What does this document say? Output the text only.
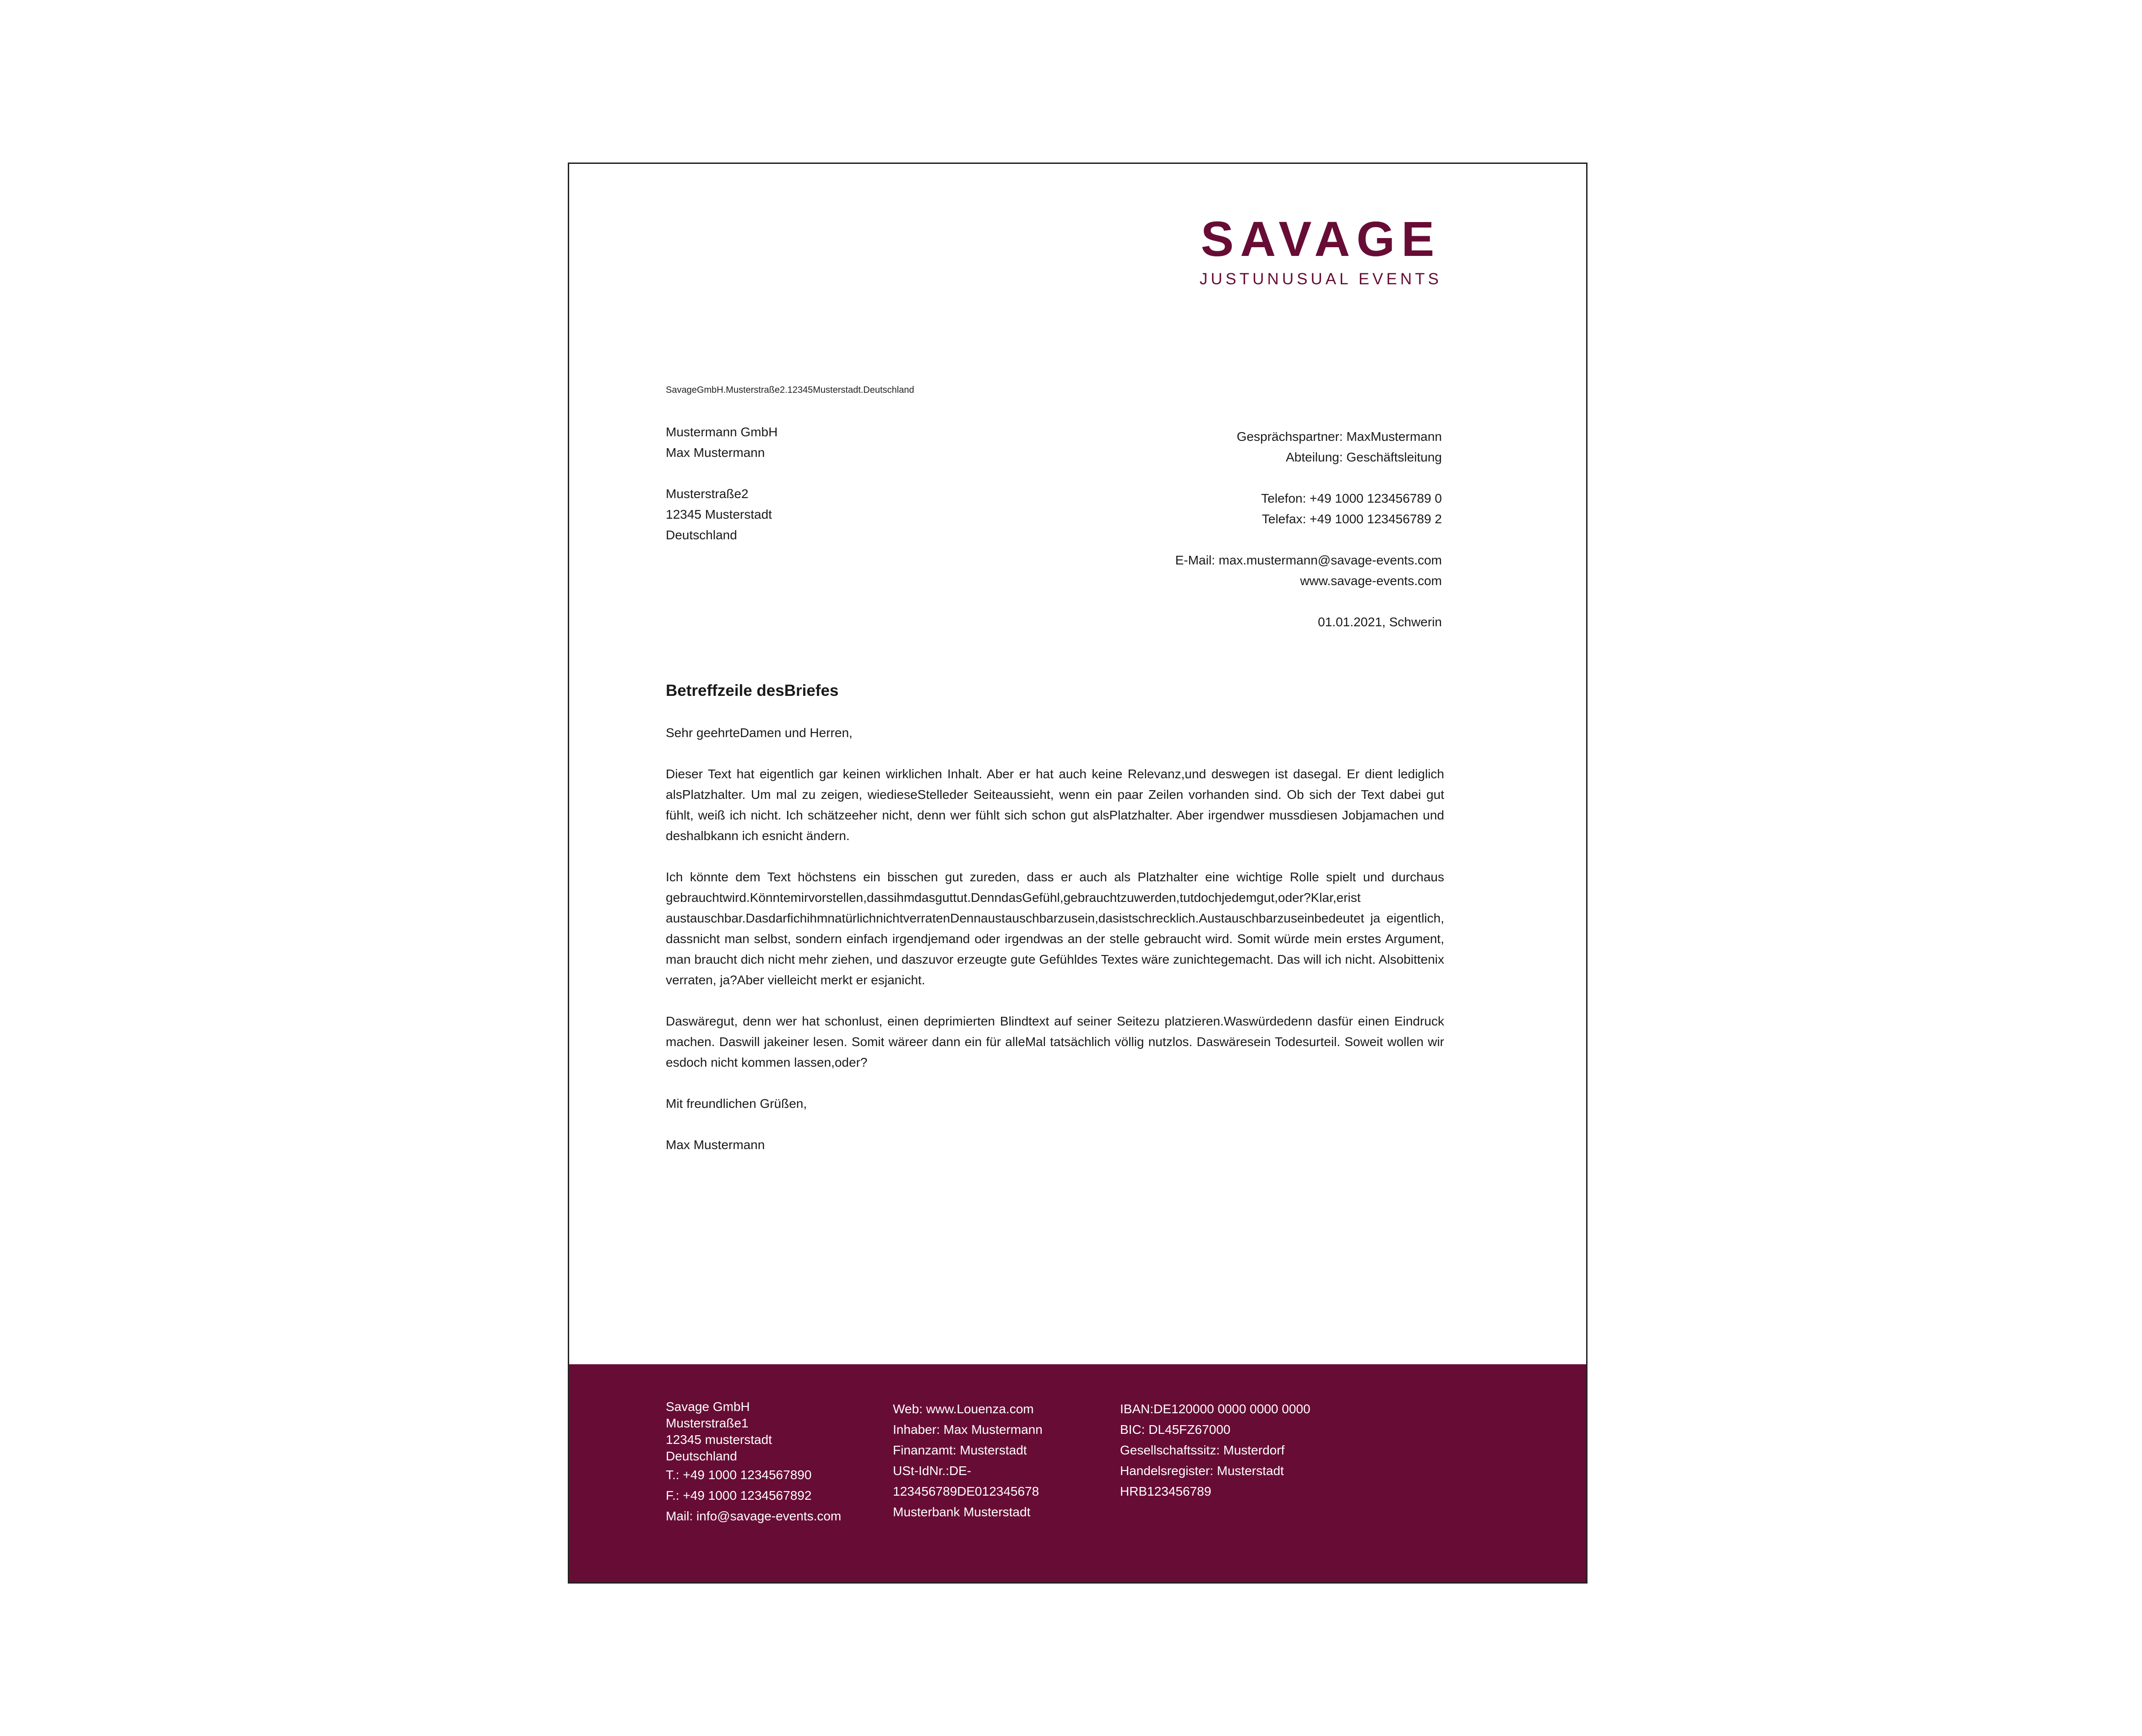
SAVAGE
JUSTUNUSUAL EVENTS
SavageGmbH.Musterstraße2.12345Musterstadt.Deutschland
Mustermann GmbH
Max Mustermann
Musterstraße2
12345 Musterstadt
Deutschland
Gesprächspartner: MaxMustermann
Abteilung: Geschäftsleitung
Telefon: +49 1000 123456789 0
Telefax: +49 1000 123456789 2
E-Mail: max.mustermann@savage-events.com
www.savage-events.com
01.01.2021, Schwerin
Betreffzeile desBriefes

Sehr geehrteDamen und Herren,

Dieser Text hat eigentlich gar keinen wirklichen Inhalt. Aber er hat auch keine Relevanz,und deswegen ist dasegal. Er dient lediglich alsPlatzhalter. Um mal zu zeigen, wiedieseStelleder Seiteaussieht, wenn ein paar Zeilen vorhanden sind. Ob sich der Text dabei gut fühlt, weiß ich nicht. Ich schätzeeher nicht, denn wer fühlt sich schon gut alsPlatzhalter. Aber irgendwer mussdiesen Jobjamachen und deshalbkann ich esnicht ändern.

Ich könnte dem Text höchstens ein bisschen gut zureden, dass er auch als Platzhalter eine wichtige Rolle spielt und durchaus gebrauchtwird.Könntemirvorstellen,dassihmdasguttut.DenndasGefühl,gebrauchtzuwerden,tutdochjedemgut,oder?Klar,erist austauschbar.DasdarfichihmnatürlichnichtverratenDennaustauschbarzusein,dasistschrecklich.Austauschbarzuseinbedeutet ja eigentlich, dassnicht man selbst, sondern einfach irgendjemand oder irgendwas an der stelle gebraucht wird. Somit würde mein erstes Argument, man braucht dich nicht mehr ziehen, und daszuvor erzeugte gute Gefühldes Textes wäre zunichtegemacht. Das will ich nicht. Alsobittenix verraten, ja?Aber vielleicht merkt er esjanicht.

Daswäregut, denn wer hat schonlust, einen deprimierten Blindtext auf seiner Seitezu platzieren.Waswürdedenn dasfür einen Eindruck machen. Daswill jakeiner lesen. Somit wäreer dann ein für alleMal tatsächlich völlig nutzlos. Daswäresein Todesurteil. Soweit wollen wir esdoch nicht kommen lassen,oder?

Mit freundlichen Grüßen,

Max Mustermann

Savage GmbH
Musterstraße1
12345 musterstadt
Deutschland
T.: +49 1000 1234567890
F.: +49 1000 1234567892
Mail: info@savage-events.com
Web: www.Louenza.com
Inhaber: Max Mustermann
Finanzamt: Musterstadt
USt-IdNr.:DE-
123456789DE012345678
Musterbank Musterstadt
IBAN:DE120000 0000 0000 0000
BIC: DL45FZ67000
Gesellschaftssitz: Musterdorf
Handelsregister: Musterstadt
HRB123456789
